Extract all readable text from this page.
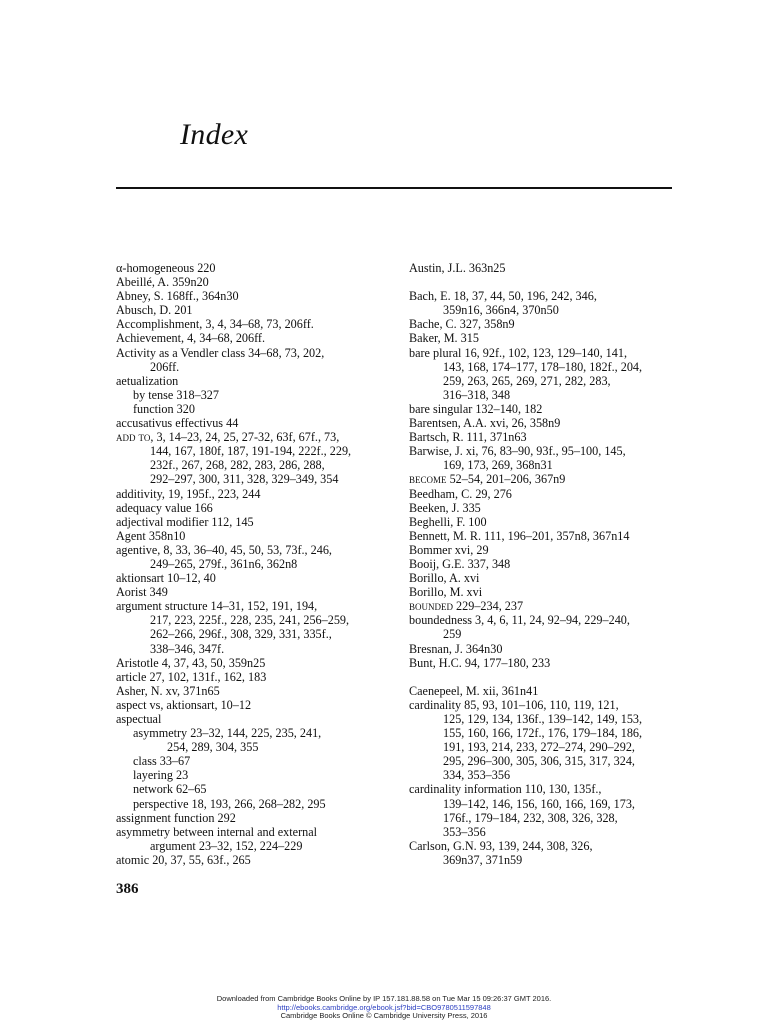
Index
α-homogeneous 220
Abeillé, A. 359n20
Abney, S. 168ff., 364n30
Abusch, D. 201
Accomplishment, 3, 4, 34–68, 73, 206ff.
Achievement, 4, 34–68, 206ff.
Activity as a Vendler class 34–68, 73, 202,
206ff.
aetualization
by tense 318–327
function 320
accusativus effectivus 44
add to, 3, 14–23, 24, 25, 27-32, 63f, 67f., 73,
144, 167, 180f, 187, 191-194, 222f., 229,
232f., 267, 268, 282, 283, 286, 288,
292–297, 300, 311, 328, 329–349, 354
additivity, 19, 195f., 223, 244
adequacy value 166
adjectival modifier 112, 145
Agent 358n10
agentive, 8, 33, 36–40, 45, 50, 53, 73f., 246,
249–265, 279f., 361n6, 362n8
aktionsart 10–12, 40
Aorist 349
argument structure 14–31, 152, 191, 194,
217, 223, 225f., 228, 235, 241, 256–259,
262–266, 296f., 308, 329, 331, 335f.,
338–346, 347f.
Aristotle 4, 37, 43, 50, 359n25
article 27, 102, 131f., 162, 183
Asher, N. xv, 371n65
aspect vs, aktionsart, 10–12
aspectual
asymmetry 23–32, 144, 225, 235, 241,
254, 289, 304, 355
class 33–67
layering 23
network 62–65
perspective 18, 193, 266, 268–282, 295
assignment function 292
asymmetry between internal and external
argument 23–32, 152, 224–229
atomic 20, 37, 55, 63f., 265
Austin, J.L. 363n25
Bach, E. 18, 37, 44, 50, 196, 242, 346,
359n16, 366n4, 370n50
Bache, C. 327, 358n9
Baker, M. 315
bare plural 16, 92f., 102, 123, 129–140, 141,
143, 168, 174–177, 178–180, 182f., 204,
259, 263, 265, 269, 271, 282, 283,
316–318, 348
bare singular 132–140, 182
Barentsen, A.A. xvi, 26, 358n9
Bartsch, R. 111, 371n63
Barwise, J. xi, 76, 83–90, 93f., 95–100, 145,
169, 173, 269, 368n31
become 52–54, 201–206, 367n9
Beedham, C. 29, 276
Beeken, J. 335
Beghelli, F. 100
Bennett, M. R. 111, 196–201, 357n8, 367n14
Bommer xvi, 29
Booij, G.E. 337, 348
Borillo, A. xvi
Borillo, M. xvi
bounded 229–234, 237
boundedness 3, 4, 6, 11, 24, 92–94, 229–240,
259
Bresnan, J. 364n30
Bunt, H.C. 94, 177–180, 233
Caenepeel, M. xii, 361n41
cardinality 85, 93, 101–106, 110, 119, 121,
125, 129, 134, 136f., 139–142, 149, 153,
155, 160, 166, 172f., 176, 179–184, 186,
191, 193, 214, 233, 272–274, 290–292,
295, 296–300, 305, 306, 315, 317, 324,
334, 353–356
cardinality information 110, 130, 135f.,
139–142, 146, 156, 160, 166, 169, 173,
176f., 179–184, 232, 308, 326, 328,
353–356
Carlson, G.N. 93, 139, 244, 308, 326,
369n37, 371n59
386
Downloaded from Cambridge Books Online by IP 157.181.88.58 on Tue Mar 15 09:26:37 GMT 2016.
http://ebooks.cambridge.org/ebook.jsf?bid=CBO9780511597848
Cambridge Books Online © Cambridge University Press, 2016
